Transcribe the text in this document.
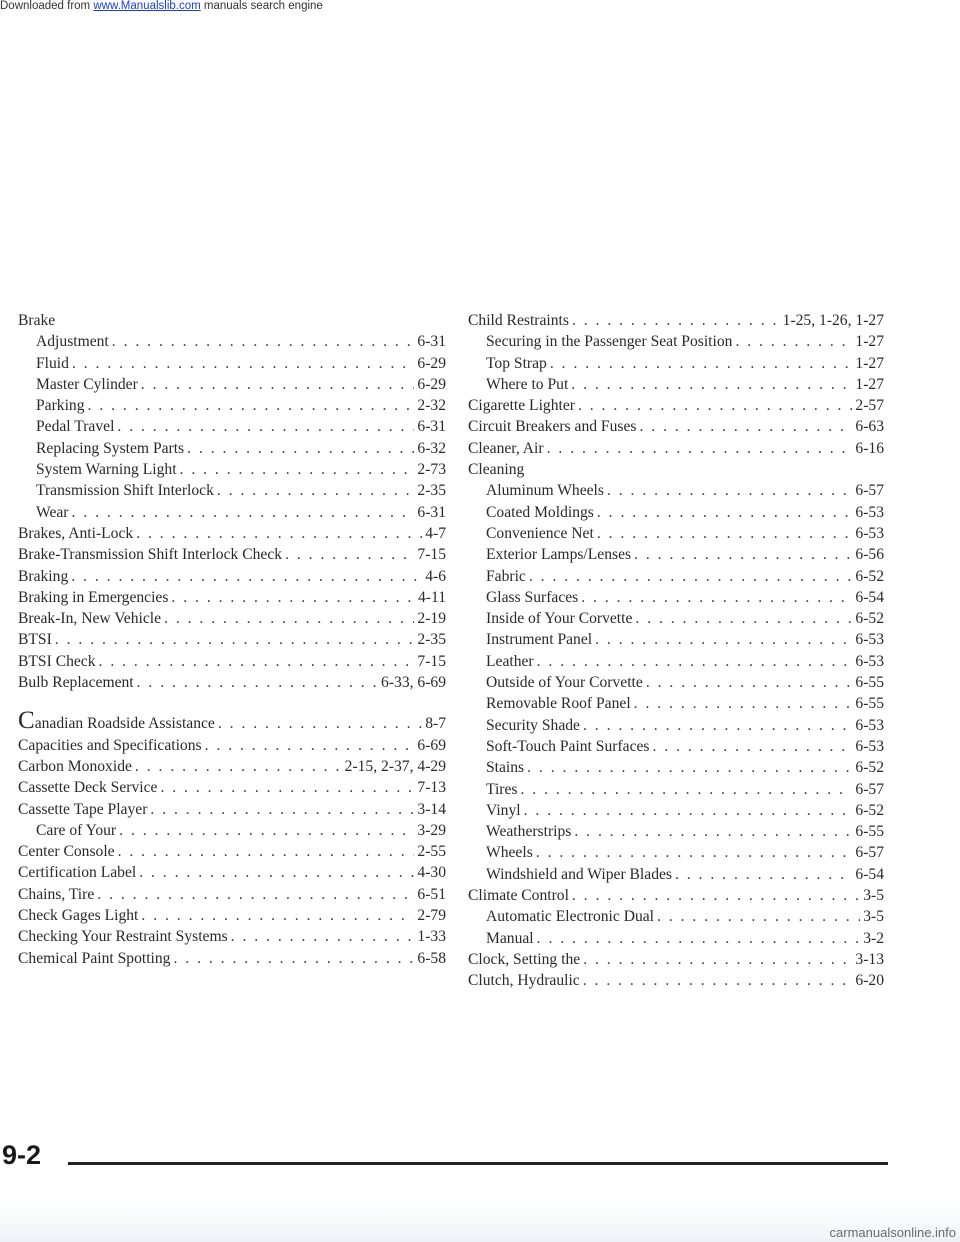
Downloaded from www.Manualslib.com manuals search engine
Brake
Adjustment . . .	6-31
Fluid . . .	6-29
Master Cylinder . . .	6-29
Parking . . .	2-32
Pedal Travel . . .	6-31
Replacing System Parts . . .	6-32
System Warning Light . . .	2-73
Transmission Shift Interlock . . .	2-35
Wear . . .	6-31
Brakes, Anti-Lock . . .	4-7
Brake-Transmission Shift Interlock Check . . .	7-15
Braking . . .	4-6
Braking in Emergencies . . .	4-11
Break-In, New Vehicle . . .	2-19
BTSI . . .	2-35
BTSI Check . . .	7-15
Bulb Replacement . . .	6-33, 6-69
Canadian Roadside Assistance . . .	8-7
Capacities and Specifications . . .	6-69
Carbon Monoxide . . .	2-15, 2-37, 4-29
Cassette Deck Service . . .	7-13
Cassette Tape Player . . .	3-14
Care of Your . . .	3-29
Center Console . . .	2-55
Certification Label . . .	4-30
Chains, Tire . . .	6-51
Check Gages Light . . .	2-79
Checking Your Restraint Systems . . .	1-33
Chemical Paint Spotting . . .	6-58
Child Restraints . . .	1-25, 1-26, 1-27
Securing in the Passenger Seat Position . . .	1-27
Top Strap . . .	1-27
Where to Put . . .	1-27
Cigarette Lighter . . .	2-57
Circuit Breakers and Fuses . . .	6-63
Cleaner, Air . . .	6-16
Cleaning
Aluminum Wheels . . .	6-57
Coated Moldings . . .	6-53
Convenience Net . . .	6-53
Exterior Lamps/Lenses . . .	6-56
Fabric . . .	6-52
Glass Surfaces . . .	6-54
Inside of Your Corvette . . .	6-52
Instrument Panel . . .	6-53
Leather . . .	6-53
Outside of Your Corvette . . .	6-55
Removable Roof Panel . . .	6-55
Security Shade . . .	6-53
Soft-Touch Paint Surfaces . . .	6-53
Stains . . .	6-52
Tires . . .	6-57
Vinyl . . .	6-52
Weatherstrips . . .	6-55
Wheels . . .	6-57
Windshield and Wiper Blades . . .	6-54
Climate Control . . .	3-5
Automatic Electronic Dual . . .	3-5
Manual . . .	3-2
Clock, Setting the . . .	3-13
Clutch, Hydraulic . . .	6-20
9-2
carmanualsonline.info
